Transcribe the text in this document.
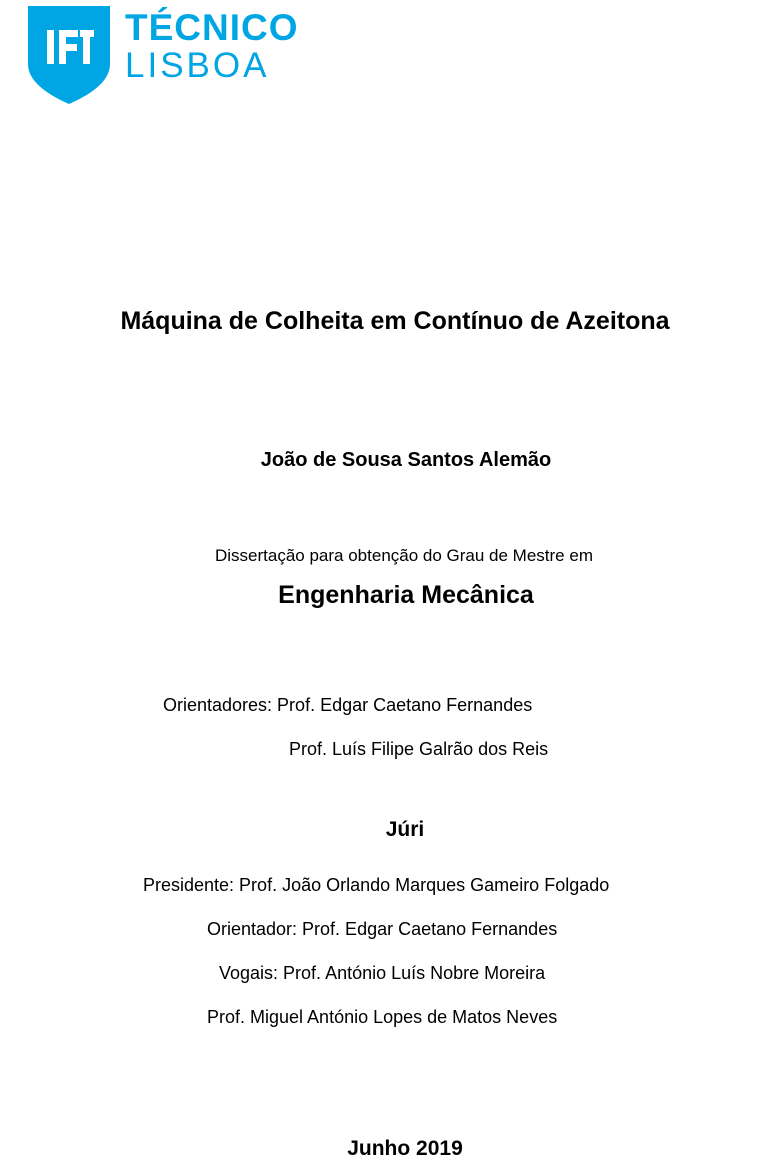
TÉCNICO
LISBOA
Máquina de Colheita em Contínuo de Azeitona
João de Sousa Santos Alemão
Dissertação para obtenção do Grau de Mestre em
Engenharia Mecânica
Orientadores: Prof. Edgar Caetano Fernandes
Prof. Luís Filipe Galrão dos Reis
Júri
Presidente: Prof. João Orlando Marques Gameiro Folgado
Orientador: Prof. Edgar Caetano Fernandes
Vogais: Prof. António Luís Nobre Moreira
Prof. Miguel António Lopes de Matos Neves
Junho 2019
